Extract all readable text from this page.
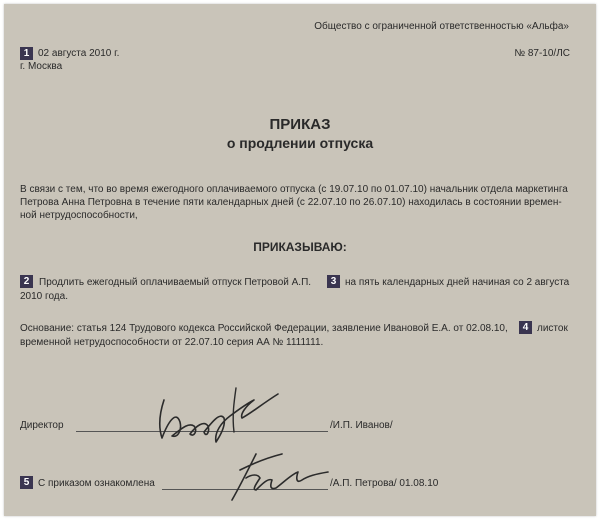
Общество с ограниченной ответственностью «Альфа»
1 02 августа 2010 г.
г. Москва
№ 87-10/ЛС
ПРИКАЗ
о продлении отпуска
В связи с тем, что во время ежегодного оплачиваемого отпуска (с 19.07.10 по 01.07.10) начальник отдела маркетинга
Петрова Анна Петровна в течение пяти календарных дней (с 22.07.10 по 26.07.10) находилась в состоянии времен-
ной нетрудоспособности,
ПРИКАЗЫВАЮ:
2 Продлить ежегодный оплачиваемый отпуск Петровой А.П.	3 на пять календарных дней начиная со 2 августа
2010 года.
Основание: статья 124 Трудового кодекса Российской Федерации, заявление Ивановой Е.А. от 02.08.10,	4 листок
временной нетрудоспособности от 22.07.10 серия АА № 1111111.
Директор	/И.П. Иванов/
5 С приказом ознакомлена	/А.П. Петрова/ 01.08.10
